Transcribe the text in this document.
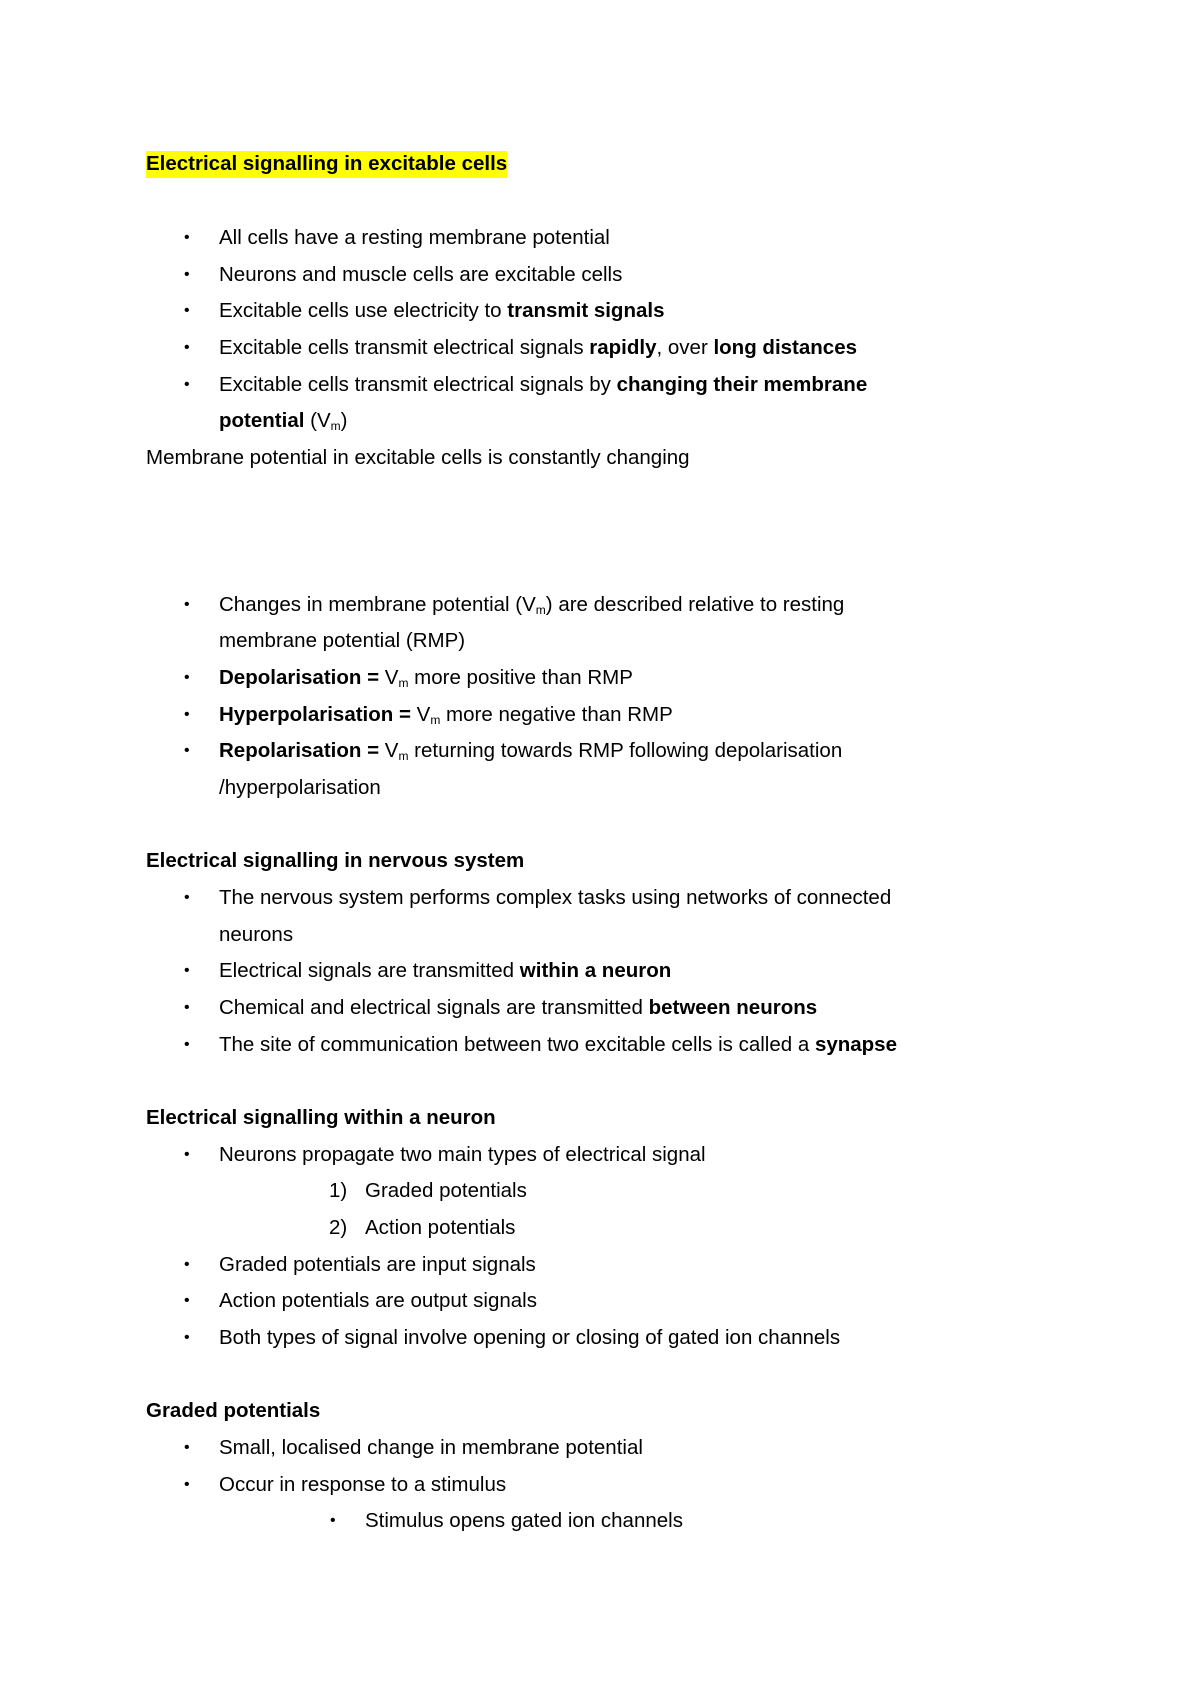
Electrical signalling in excitable cells
• All cells have a resting membrane potential
• Neurons and muscle cells are excitable cells
• Excitable cells use electricity to transmit signals
• Excitable cells transmit electrical signals rapidly, over long distances
• Excitable cells transmit electrical signals by changing their membrane
potential $(V_m)$
Membrane potential in excitable cells is constantly changing
• Changes in membrane potential $(V_m)$ are described relative to resting
membrane potential (RMP)
• Depolarisation = $V_m$ more positive than RMP
• Hyperpolarisation = $V_m$ more negative than RMP
• Repolarisation = $V_m$ returning towards RMP following depolarisation
/hyperpolarisation
Electrical signalling in nervous system
• The nervous system performs complex tasks using networks of connected
neurons
• Electrical signals are transmitted within a neuron
• Chemical and electrical signals are transmitted between neurons
• The site of communication between two excitable cells is called a synapse
Electrical signalling within a neuron
• Neurons propagate two main types of electrical signal
1) Graded potentials
2) Action potentials
• Graded potentials are input signals
• Action potentials are output signals
• Both types of signal involve opening or closing of gated ion channels
Graded potentials
• Small, localised change in membrane potential
• Occur in response to a stimulus
• Stimulus opens gated ion channels
